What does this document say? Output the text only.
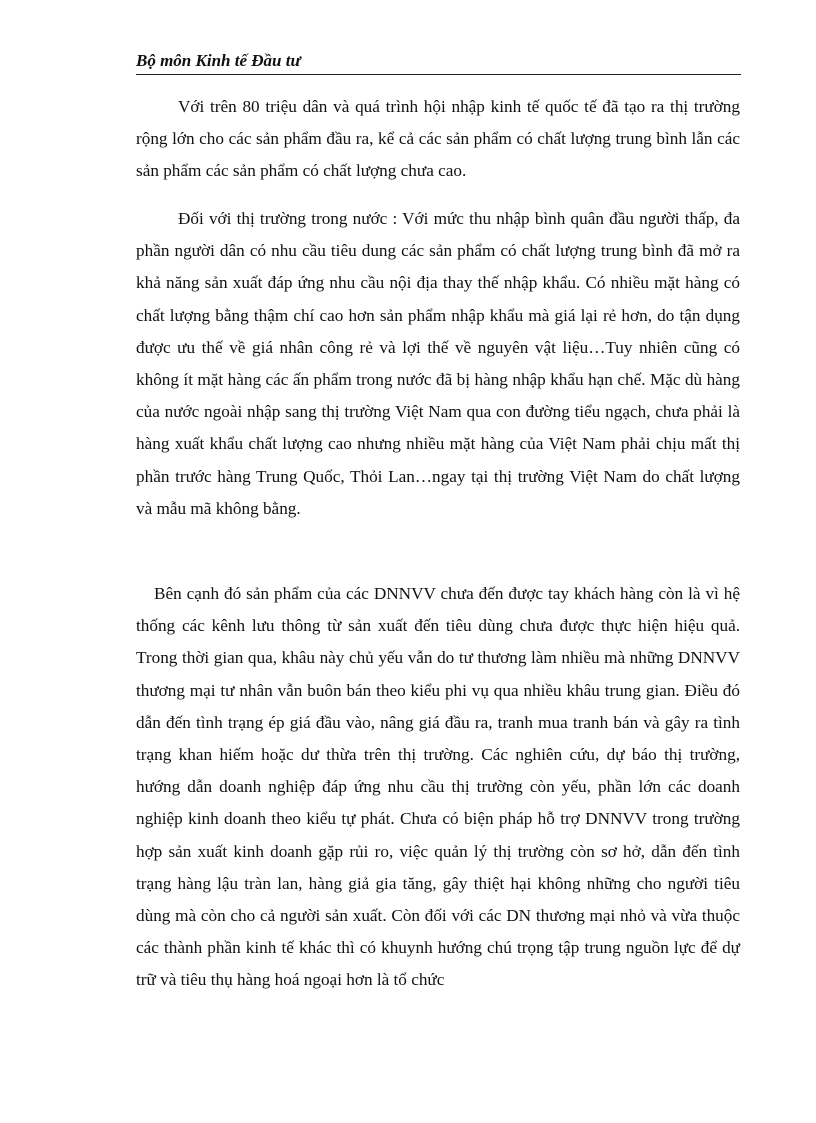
Bộ môn Kinh tế Đầu tư

Với trên 80 triệu dân và quá trình hội nhập kinh tế quốc tế đã tạo ra thị trường rộng lớn cho các sản phẩm đầu ra, kể cả các sản phẩm có chất lượng trung bình lẫn các sản phẩm các sản phẩm có chất lượng chưa cao.

Đối với thị trường trong nước : Với mức thu nhập bình quân đầu người thấp, đa phần người dân có nhu cầu tiêu dung các sản phẩm có chất lượng trung bình đã mở ra khả năng sản xuất đáp ứng nhu cầu nội địa thay thế nhập khẩu. Có nhiều mặt hàng có chất lượng bằng thậm chí cao hơn sản phẩm nhập khẩu mà giá lại rẻ hơn, do tận dụng được ưu thế về giá nhân công rẻ và lợi thế về nguyên vật liệu…Tuy nhiên cũng có không ít mặt hàng các ấn phẩm trong nước đã bị hàng nhập khẩu hạn chế. Mặc dù hàng của nước ngoài nhập sang thị trường Việt Nam qua con đường tiểu ngạch, chưa phải là hàng xuất khẩu chất lượng cao nhưng nhiều mặt hàng của Việt Nam phải chịu mất thị phần trước hàng Trung Quốc, Thỏi Lan…ngay tại thị trường Việt Nam do chất lượng và mẫu mã không bằng.

Bên cạnh đó sản phẩm của các DNNVV chưa đến được tay khách hàng còn là vì hệ thống các kênh lưu thông từ sản xuất đến tiêu dùng chưa được thực hiện hiệu quả. Trong thời gian qua, khâu này chủ yếu vẫn do tư thương làm nhiều mà những DNNVV thương mại tư nhân vẫn buôn bán theo kiểu phi vụ qua nhiều khâu trung gian. Điều đó dẫn đến tình trạng ép giá đầu vào, nâng giá đầu ra, tranh mua tranh bán và gây ra tình trạng khan hiếm hoặc dư thừa trên thị trường. Các nghiên cứu, dự báo thị trường, hướng dẫn doanh nghiệp đáp ứng nhu cầu thị trường còn yếu, phần lớn các doanh nghiệp kinh doanh theo kiểu tự phát. Chưa có biện pháp hỗ trợ DNNVV trong trường hợp sản xuất kinh doanh gặp rủi ro, việc quản lý thị trường còn sơ hở, dẫn đến tình trạng hàng lậu tràn lan, hàng giả gia tăng, gây thiệt hại không những cho người tiêu dùng mà còn cho cả người sản xuất. Còn đối với các DN thương mại nhỏ và vừa thuộc các thành phần kinh tế khác thì có khuynh hướng chú trọng tập trung nguồn lực để dự trữ và tiêu thụ hàng hoá ngoại hơn là tổ chức
